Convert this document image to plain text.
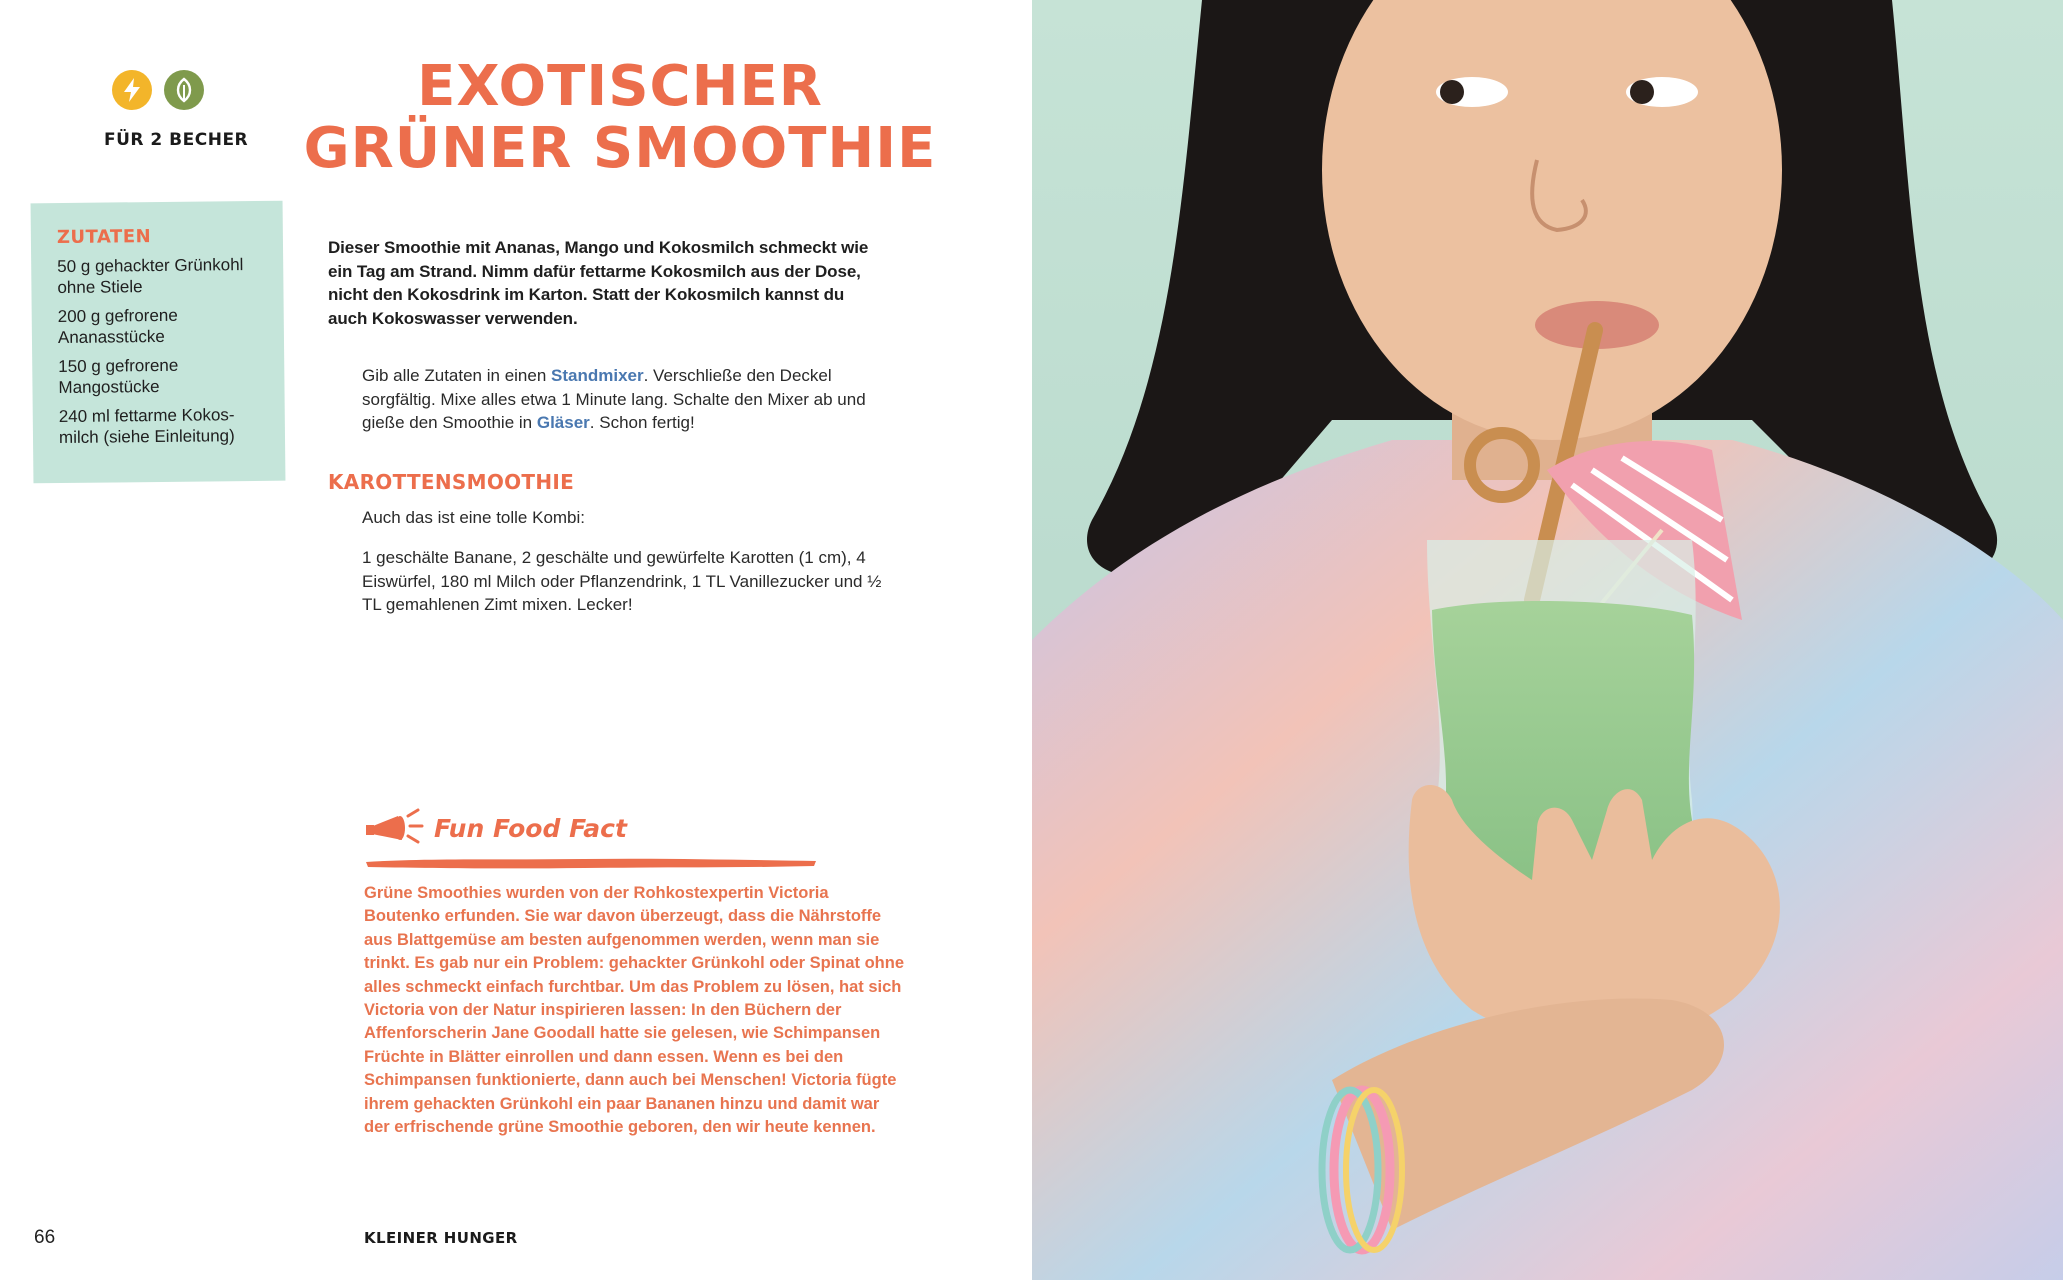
FÜR 2 BECHER
EXOTISCHER
GRÜNER SMOOTHIE
ZUTATEN
50 g gehackter Grünkohl
ohne Stiele
200 g gefrorene
Ananasstücke
150 g gefrorene
Mangostücke
240 ml fettarme Kokos-
milch (siehe Einleitung)
Dieser Smoothie mit Ananas, Mango und Kokosmilch schmeckt wie ein Tag am Strand. Nimm dafür fettarme Kokosmilch aus der Dose, nicht den Kokosdrink im Karton. Statt der Kokosmilch kannst du auch Kokoswasser verwenden.
Gib alle Zutaten in einen Standmixer. Verschließe den Deckel sorgfältig. Mixe alles etwa 1 Minute lang. Schalte den Mixer ab und gieße den Smoothie in Gläser. Schon fertig!
KAROTTENSMOOTHIE
Auch das ist eine tolle Kombi:
1 geschälte Banane, 2 geschälte und gewürfelte Karotten (1 cm), 4 Eiswürfel, 180 ml Milch oder Pflanzendrink, 1 TL Vanillezucker und ½ TL gemahlenen Zimt mixen. Lecker!
Fun Food Fact
Grüne Smoothies wurden von der Rohkostexpertin Victoria Boutenko erfunden. Sie war davon überzeugt, dass die Nährstoffe aus Blattgemüse am besten aufgenommen werden, wenn man sie trinkt. Es gab nur ein Problem: gehackter Grünkohl oder Spinat ohne alles schmeckt einfach furchtbar. Um das Problem zu lösen, hat sich Victoria von der Natur inspirieren lassen: In den Büchern der Affenforscherin Jane Goodall hatte sie gelesen, wie Schimpansen Früchte in Blätter einrollen und dann essen. Wenn es bei den Schimpansen funktionierte, dann auch bei Menschen! Victoria fügte ihrem gehackten Grünkohl ein paar Bananen hinzu und damit war der erfrischende grüne Smoothie geboren, den wir heute kennen.
66	KLEINER HUNGER
